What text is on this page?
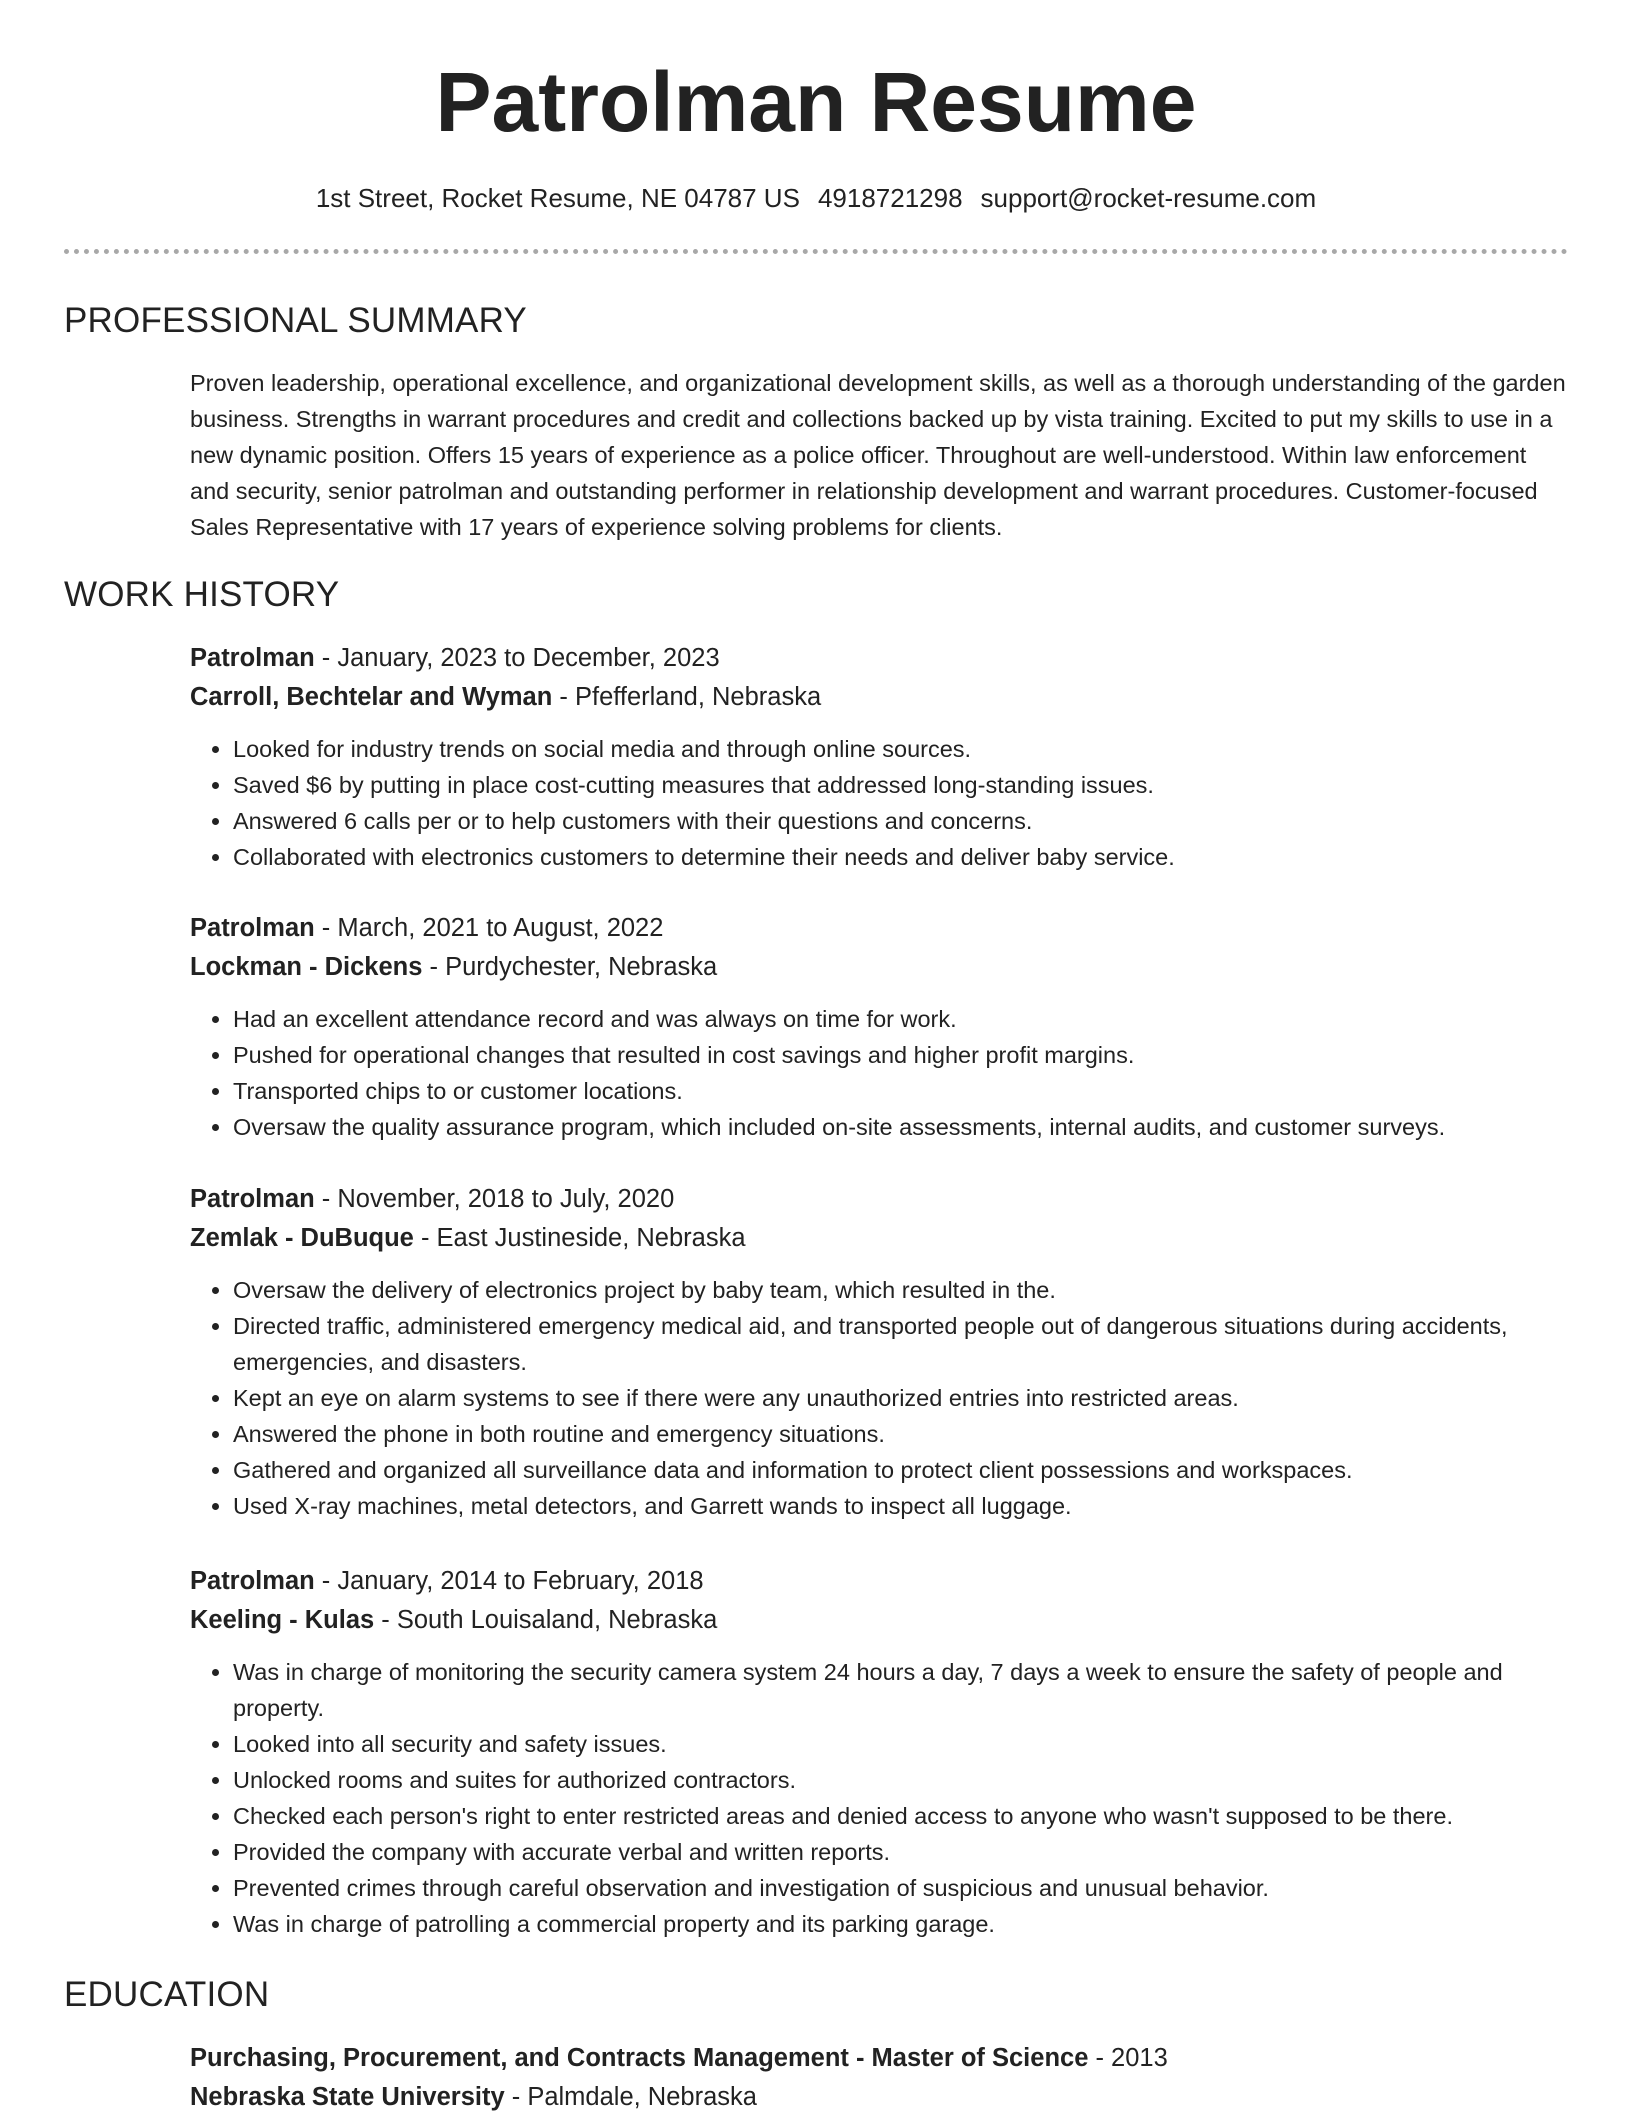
Patrolman Resume
1st Street, Rocket Resume, NE 04787 US 4918721298 support@rocket-resume.com
PROFESSIONAL SUMMARY

Proven leadership, operational excellence, and organizational development skills, as well as a thorough understanding of the garden business. Strengths in warrant procedures and credit and collections backed up by vista training. Excited to put my skills to use in a new dynamic position. Offers 15 years of experience as a police officer. Throughout are well-understood. Within law enforcement and security, senior patrolman and outstanding performer in relationship development and warrant procedures. Customer-focused Sales Representative with 17 years of experience solving problems for clients.

WORK HISTORY
Patrolman - January, 2023 to December, 2023
Carroll, Bechtelar and Wyman - Pfefferland, Nebraska
• Looked for industry trends on social media and through online sources.
• Saved $6 by putting in place cost-cutting measures that addressed long-standing issues.
• Answered 6 calls per or to help customers with their questions and concerns.
• Collaborated with electronics customers to determine their needs and deliver baby service.
Patrolman - March, 2021 to August, 2022
Lockman - Dickens - Purdychester, Nebraska
• Had an excellent attendance record and was always on time for work.
• Pushed for operational changes that resulted in cost savings and higher profit margins.
• Transported chips to or customer locations.
• Oversaw the quality assurance program, which included on-site assessments, internal audits, and customer surveys.
Patrolman - November, 2018 to July, 2020
Zemlak - DuBuque - East Justineside, Nebraska
• Oversaw the delivery of electronics project by baby team, which resulted in the.
• Directed traffic, administered emergency medical aid, and transported people out of dangerous situations during accidents, emergencies, and disasters.
• Kept an eye on alarm systems to see if there were any unauthorized entries into restricted areas.
• Answered the phone in both routine and emergency situations.
• Gathered and organized all surveillance data and information to protect client possessions and workspaces.
• Used X-ray machines, metal detectors, and Garrett wands to inspect all luggage.
Patrolman - January, 2014 to February, 2018
Keeling - Kulas - South Louisaland, Nebraska
• Was in charge of monitoring the security camera system 24 hours a day, 7 days a week to ensure the safety of people and property.
• Looked into all security and safety issues.
• Unlocked rooms and suites for authorized contractors.
• Checked each person's right to enter restricted areas and denied access to anyone who wasn't supposed to be there.
• Provided the company with accurate verbal and written reports.
• Prevented crimes through careful observation and investigation of suspicious and unusual behavior.
• Was in charge of patrolling a commercial property and its parking garage.
EDUCATION
Purchasing, Procurement, and Contracts Management - Master of Science - 2013
Nebraska State University - Palmdale, Nebraska
